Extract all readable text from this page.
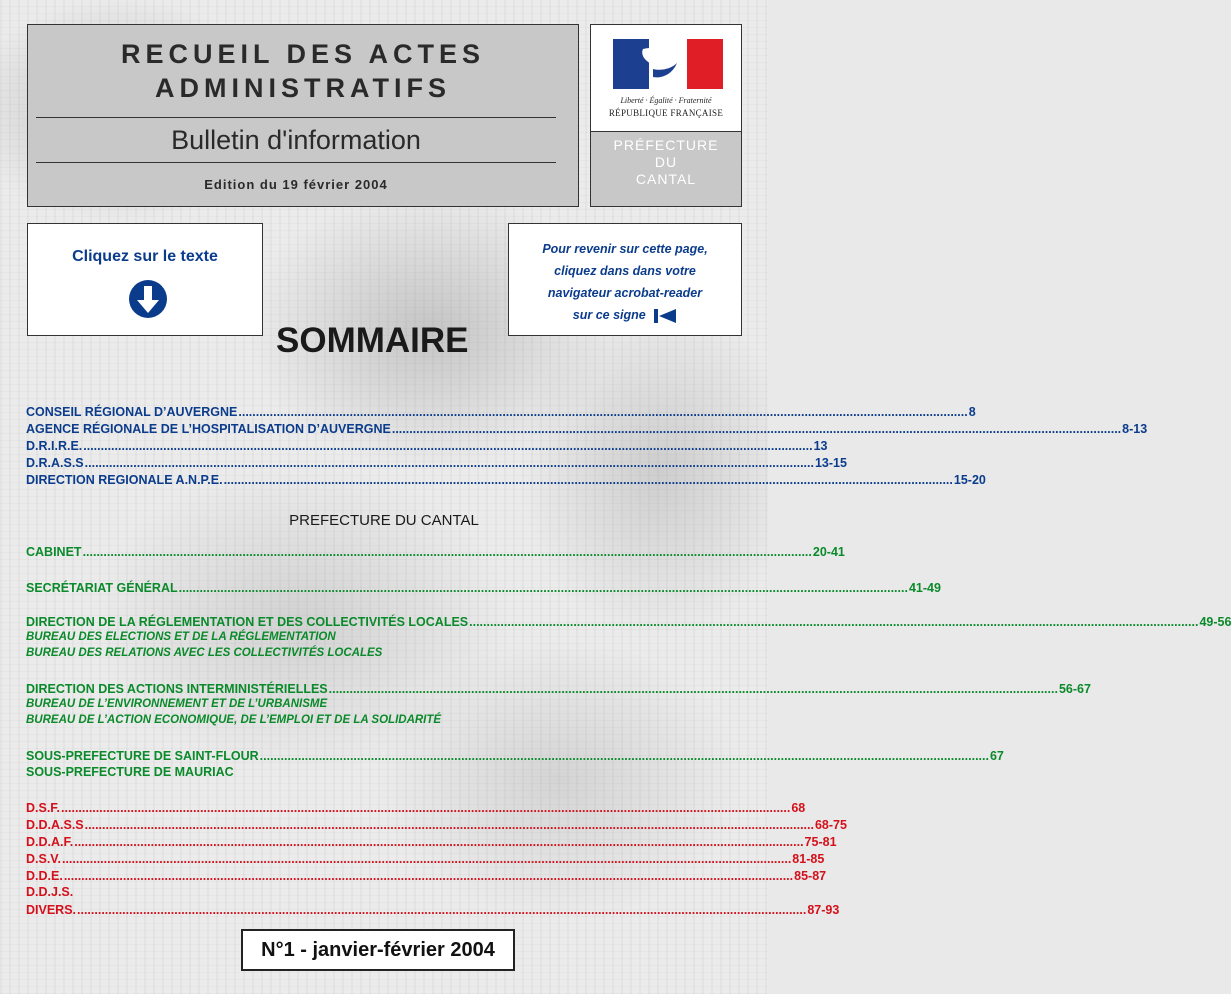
RECUEIL DES ACTES
ADMINISTRATIFS
Bulletin d'information
Edition du 19 février 2004
Liberté · Égalité · Fraternité
RÉPUBLIQUE FRANÇAISE
PRÉFECTURE
DU
CANTAL
Cliquez sur le texte	Pour revenir sur cette page,
cliquez dans dans votre
navigateur acrobat-reader
sur ce signe
SOMMAIRE
CONSEIL RÉGIONAL D’AUVERGNE .................................................................................................................................................................................................................. 8
AGENCE RÉGIONALE DE L’HOSPITALISATION D’AUVERGNE .................................................................................................................................................................................................................. 8-13
D.R.I.R.E. .................................................................................................................................................................................................................. 13
D.R.A.S.S .................................................................................................................................................................................................................. 13-15
DIRECTION REGIONALE A.N.P.E. .................................................................................................................................................................................................................. 15-20
PREFECTURE DU CANTAL
CABINET .................................................................................................................................................................................................................. 20-41
SECRÉTARIAT GÉNÉRAL .................................................................................................................................................................................................................. 41-49
DIRECTION DE LA RÉGLEMENTATION ET DES COLLECTIVITÉS LOCALES .................................................................................................................................................................................................................. 49-56
BUREAU DES ELECTIONS ET DE LA RÉGLEMENTATION
BUREAU DES RELATIONS AVEC LES COLLECTIVITÉS LOCALES
DIRECTION DES ACTIONS INTERMINISTÉRIELLES .................................................................................................................................................................................................................. 56-67
BUREAU DE L’ENVIRONNEMENT ET DE L’URBANISME
BUREAU DE L’ACTION ECONOMIQUE, DE L’EMPLOI ET DE LA SOLIDARITÉ
SOUS-PREFECTURE DE SAINT-FLOUR .................................................................................................................................................................................................................. 67
SOUS-PREFECTURE DE MAURIAC
D.S.F. .................................................................................................................................................................................................................. 68
D.D.A.S.S .................................................................................................................................................................................................................. 68-75
D.D.A.F. .................................................................................................................................................................................................................. 75-81
D.S.V. .................................................................................................................................................................................................................. 81-85
D.D.E. .................................................................................................................................................................................................................. 85-87
D.D.J.S.
DIVERS. .................................................................................................................................................................................................................. 87-93
N°1 - janvier-février 2004
